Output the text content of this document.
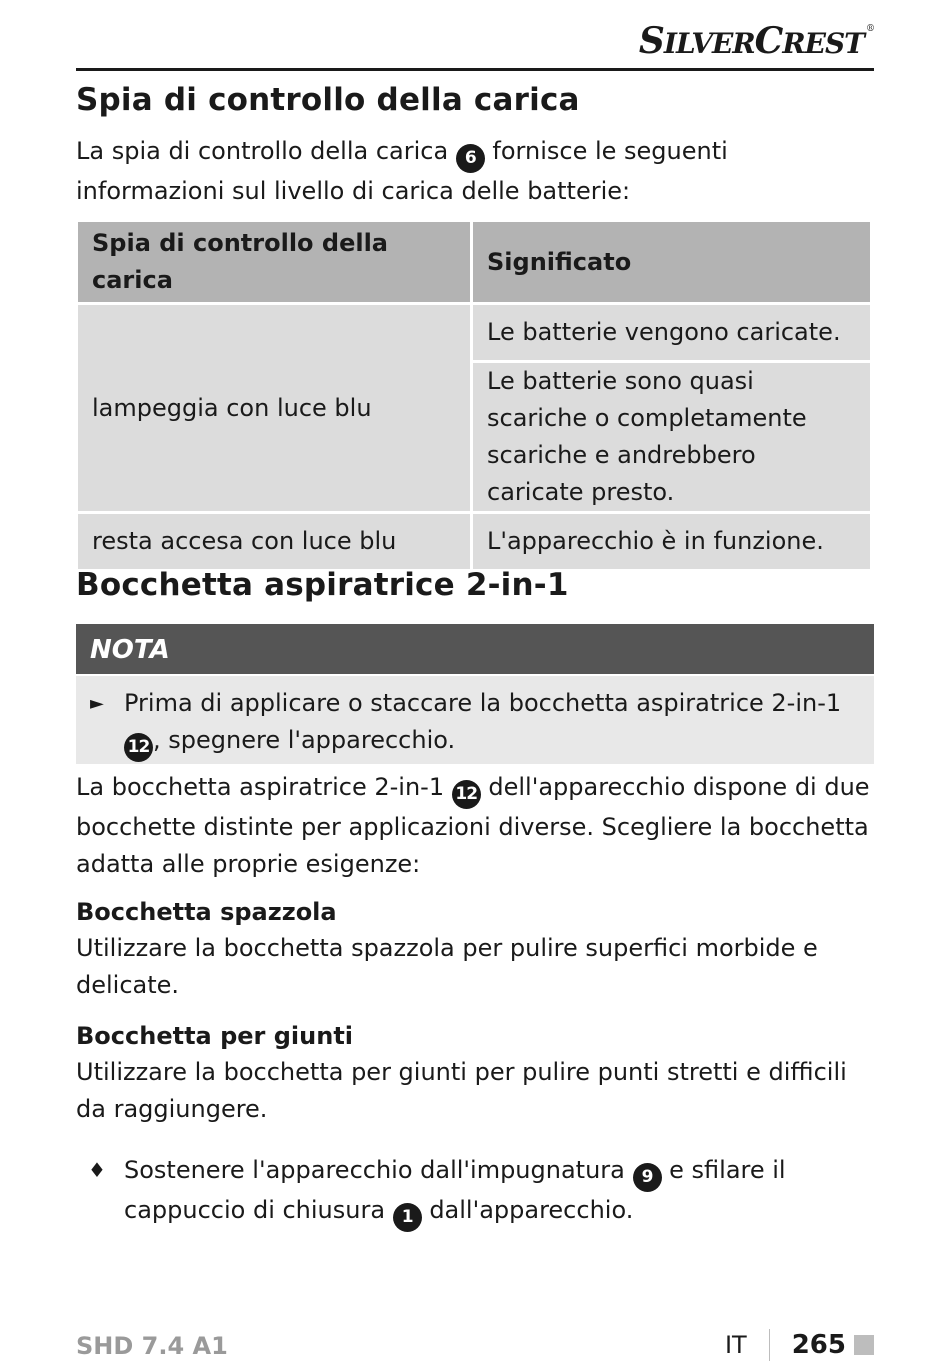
SILVERCREST ®
Spia di controllo della carica

La spia di controllo della carica 6 fornisce le seguenti informazioni sul livello di carica delle batterie:

Spia di controllo della carica	Significato
lampeggia con luce blu	Le batterie vengono caricate.
	Le batterie sono quasi scariche o completamente scariche e andrebbero caricate presto.
resta accesa con luce blu	L'apparecchio è in funzione.
Bocchetta aspiratrice 2-in-1
NOTA
► Prima di applicare o staccare la bocchetta aspiratrice 2-in-1 12 , spegnere l'apparecchio.

La bocchetta aspiratrice 2-in-1 12 dell'apparecchio dispone di due bocchette distinte per applicazioni diverse. Scegliere la bocchetta adatta alle proprie esigenze:

Bocchetta spazzola
Utilizzare la bocchetta spazzola per pulire superfici morbide e delicate.
Bocchetta per giunti
Utilizzare la bocchetta per giunti per pulire punti stretti e difficili da raggiungere.
♦ Sostenere l'apparecchio dall'impugnatura 9 e sfilare il cappuccio di chiusura 1 dall'apparecchio.
SHD 7.4 A1	IT 265
